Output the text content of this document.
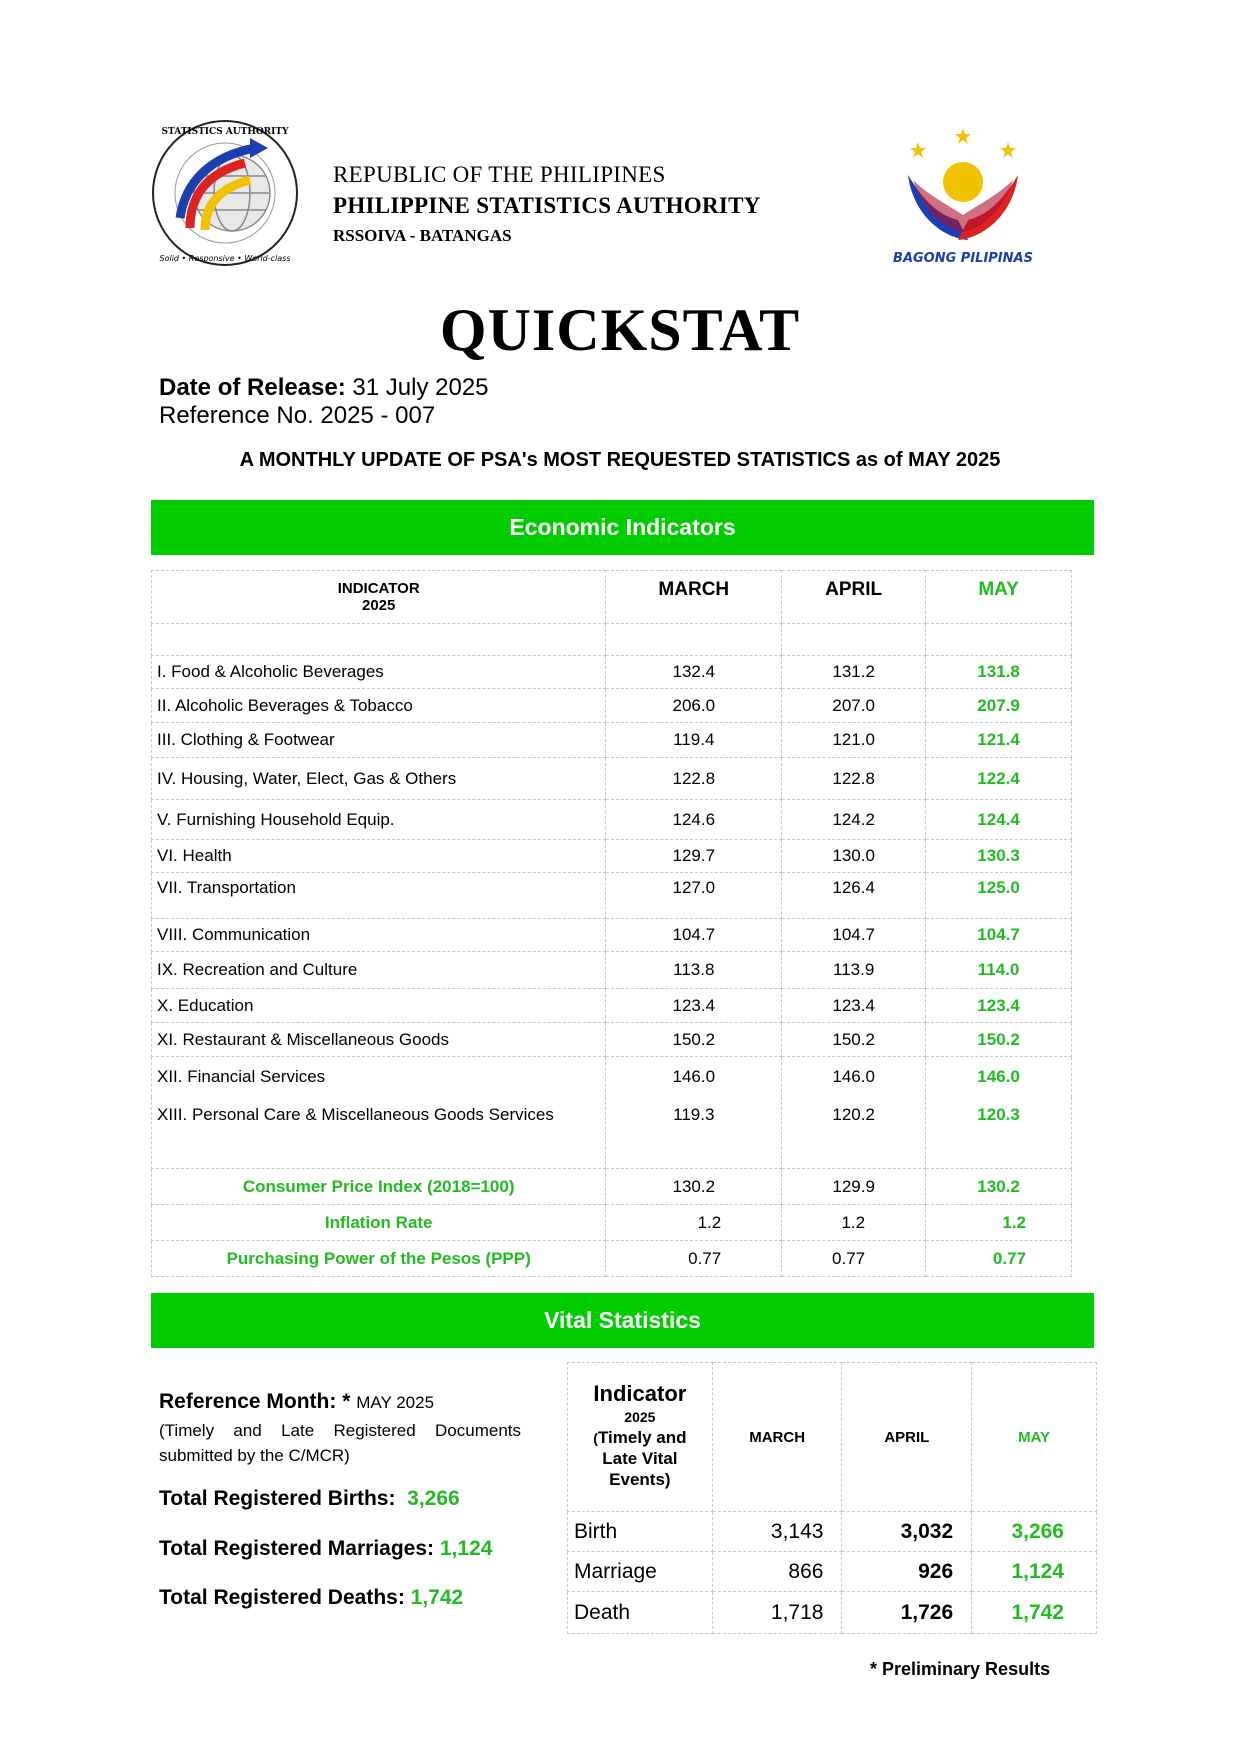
STATISTICS AUTHORITY
Solid • Responsive • World-class
REPUBLIC OF THE PHILIPINES
PHILIPPINE STATISTICS AUTHORITY
RSSOIVA - BATANGAS
BAGONG PILIPINAS
QUICKSTAT
Date of Release: 31 July 2025
Reference No. 2025 - 007
A MONTHLY UPDATE OF PSA's MOST REQUESTED STATISTICS as of MAY 2025
Economic Indicators
INDICATOR
2025	MARCH	APRIL	MAY

I. Food & Alcoholic Beverages	132.4	131.2	131.8
II. Alcoholic Beverages & Tobacco	206.0	207.0	207.9
III. Clothing & Footwear	119.4	121.0	121.4
IV. Housing, Water, Elect, Gas & Others	122.8	122.8	122.4
V. Furnishing Household Equip.	124.6	124.2	124.4
VI. Health	129.7	130.0	130.3
VII. Transportation	127.0	126.4	125.0
VIII. Communication	104.7	104.7	104.7
IX. Recreation and Culture	113.8	113.9	114.0
X. Education	123.4	123.4	123.4
XI. Restaurant & Miscellaneous Goods	150.2	150.2	150.2
XII. Financial Services	146.0	146.0	146.0
XIII. Personal Care & Miscellaneous Goods Services	119.3	120.2	120.3
Consumer Price Index (2018=100)	130.2	129.9	130.2
Inflation Rate	1.2	1.2	1.2
Purchasing Power of the Pesos (PPP)	0.77	0.77	0.77
Vital Statistics
Reference Month: * MAY 2025
(Timely and Late Registered Documents submitted by the C/MCR)
Total Registered Births: 3,266
Total Registered Marriages: 1,124
Total Registered Deaths: 1,742
Indicator
2025
(Timely and Late Vital Events)	MARCH	APRIL	MAY
Birth	3,143	3,032	3,266
Marriage	866	926	1,124
Death	1,718	1,726	1,742
* Preliminary Results
